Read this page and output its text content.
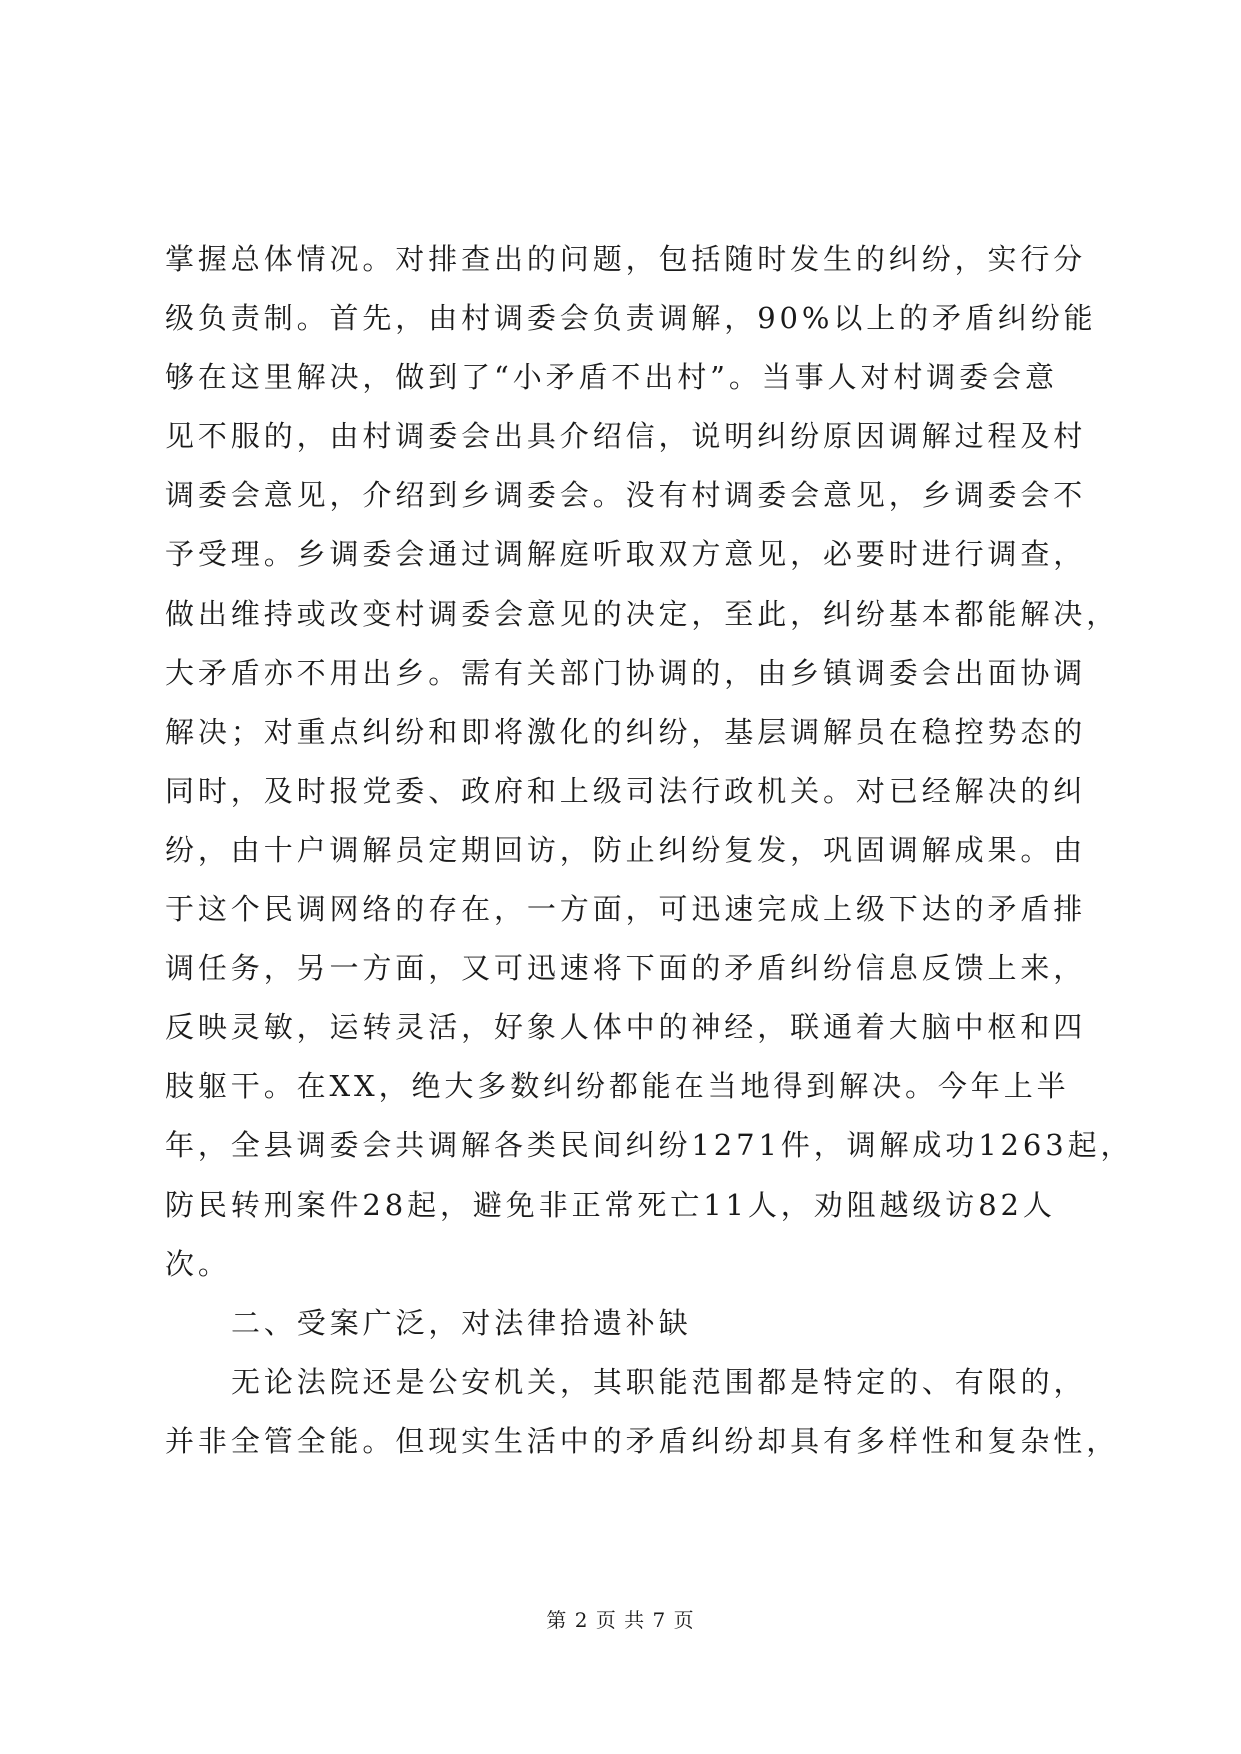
掌握总体情况。对排查出的问题，包括随时发生的纠纷，实行分
级负责制。首先，由村调委会负责调解，90%以上的矛盾纠纷能
够在这里解决，做到了“小矛盾不出村”。当事人对村调委会意
见不服的，由村调委会出具介绍信，说明纠纷原因调解过程及村
调委会意见，介绍到乡调委会。没有村调委会意见，乡调委会不
予受理。乡调委会通过调解庭听取双方意见，必要时进行调查，
做出维持或改变村调委会意见的决定，至此，纠纷基本都能解决，
大矛盾亦不用出乡。需有关部门协调的，由乡镇调委会出面协调
解决；对重点纠纷和即将激化的纠纷，基层调解员在稳控势态的
同时，及时报党委、政府和上级司法行政机关。对已经解决的纠
纷，由十户调解员定期回访，防止纠纷复发，巩固调解成果。由
于这个民调网络的存在，一方面，可迅速完成上级下达的矛盾排
调任务，另一方面，又可迅速将下面的矛盾纠纷信息反馈上来，
反映灵敏，运转灵活，好象人体中的神经，联通着大脑中枢和四
肢躯干。在XX，绝大多数纠纷都能在当地得到解决。今年上半
年，全县调委会共调解各类民间纠纷1271件，调解成功1263起，
防民转刑案件28起，避免非正常死亡11人，劝阻越级访82人
次。
二、受案广泛，对法律拾遗补缺
无论法院还是公安机关，其职能范围都是特定的、有限的，
并非全管全能。但现实生活中的矛盾纠纷却具有多样性和复杂性，
第 2 页 共 7 页
